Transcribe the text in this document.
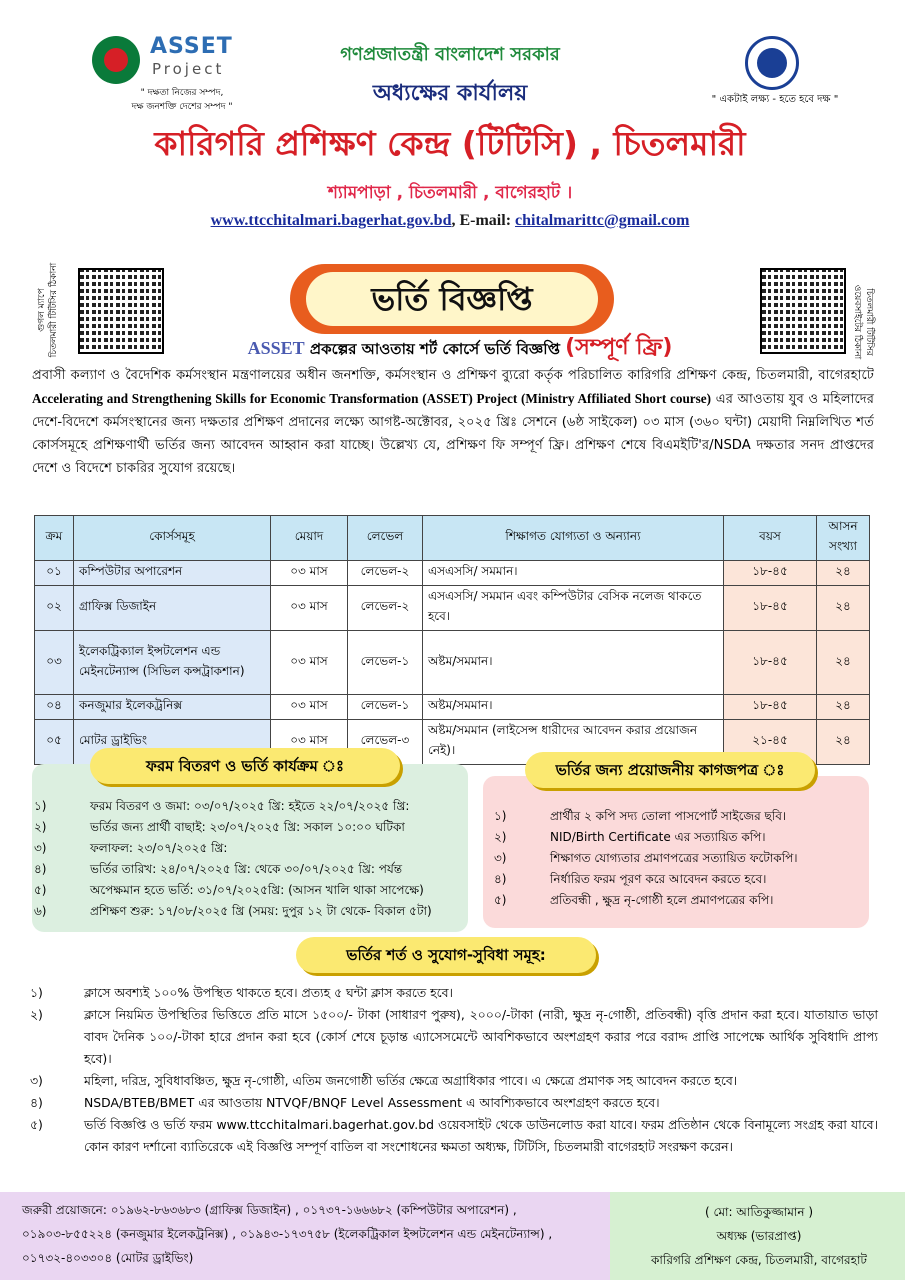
ASSET
Project
" দক্ষতা নিজের সম্পদ,
দক্ষ জনশক্তি দেশের সম্পদ "
" একটাই লক্ষ্য - হতে হবে দক্ষ "
গণপ্রজাতন্ত্রী বাংলাদেশ সরকার
অধ্যক্ষের কার্যালয়
কারিগরি প্রশিক্ষণ কেন্দ্র (টিটিসি) , চিতলমারী
শ্যামপাড়া , চিতলমারী , বাগেরহাট ।
www.ttcchitalmari.bagerhat.gov.bd, E-mail: chitalmarittc@gmail.com
গুগল ম্যাপে চিতলমারী টিটিসির ঠিকানা	চিতলমারী টিটিসির
ওয়েবসাইটের ঠিকানা
ভর্তি বিজ্ঞপ্তি
ASSET প্রকল্পের আওতায় শর্ট কোর্সে ভর্তি বিজ্ঞপ্তি (সম্পূর্ণ ফ্রি)
প্রবাসী কল্যাণ ও বৈদেশিক কর্মসংস্থান মন্ত্রণালয়ের অধীন জনশক্তি, কর্মসংস্থান ও প্রশিক্ষণ ব্যুরো কর্তৃক পরিচালিত কারিগরি প্রশিক্ষণ কেন্দ্র, চিতলমারী, বাগেরহাটে Accelerating and Strengthening Skills for Economic Transformation (ASSET) Project (Ministry Affiliated Short course) এর আওতায় যুব ও মহিলাদের দেশে-বিদেশে কর্মসংস্থানের জন্য দক্ষতার প্রশিক্ষণ প্রদানের লক্ষ্যে আগষ্ট-অক্টোবর, ২০২৫ খ্রিঃ সেশনে (৬ষ্ঠ সাইকেল) ০৩ মাস (৩৬০ ঘন্টা) মেয়াদী নিম্নলিখিত শর্ত কোর্সসমূহে প্রশিক্ষণার্থী ভর্তির জন্য আবেদন আহ্বান করা যাচ্ছে। উল্লেখ্য যে, প্রশিক্ষণ ফি সম্পূর্ণ ফ্রি। প্রশিক্ষণ শেষে বিএমইটি'র/NSDA দক্ষতার সনদ প্রাপ্তদের দেশে ও বিদেশে চাকরির সুযোগ রয়েছে।
ক্রম	কোর্সসমূহ	মেয়াদ	লেভেল	শিক্ষাগত যোগ্যতা ও অন্যান্য	বয়স	আসন সংখ্যা
০১	কম্পিউটার অপারেশন	০৩ মাস	লেভেল-২	এসএসসি/ সমমান।	১৮-৪৫	২৪
০২	গ্রাফিক্স ডিজাইন	০৩ মাস	লেভেল-২	এসএসসি/ সমমান এবং কম্পিউটার বেসিক নলেজ থাকতে হবে।	১৮-৪৫	২৪
০৩	ইলেকট্রিক্যাল ইন্সটলেশন এন্ড মেইনটেন্যান্স (সিভিল কন্সট্রাকশান)	০৩ মাস	লেভেল-১	অষ্টম/সমমান।	১৮-৪৫	২৪
০৪	কনজুমার ইলেকট্রনিক্স	০৩ মাস	লেভেল-১	অষ্টম/সমমান।	১৮-৪৫	২৪
০৫	মোটর ড্রাইভিং	০৩ মাস	লেভেল-৩	অষ্টম/সমমান (লাইসেন্স ধারীদের আবেদন করার প্রয়োজন নেই)।	২১-৪৫	২৪
ফরম বিতরণ ও ভর্তি কার্যক্রম ঃ
১)	ফরম বিতরণ ও জমা: ০৩/০৭/২০২৫ খ্রি: হইতে ২২/০৭/২০২৫ খ্রি:
২)	ভর্তির জন্য প্রার্থী বাছাই: ২৩/০৭/২০২৫ খ্রি: সকাল ১০:০০ ঘটিকা
৩)	ফলাফল: ২৩/০৭/২০২৫ খ্রি:
৪)	ভর্তির তারিখ: ২৪/০৭/২০২৫ খ্রি: থেকে ৩০/০৭/২০২৫ খ্রি: পর্যন্ত
৫)	অপেক্ষমান হতে ভর্তি: ৩১/০৭/২০২৫খ্রি: (আসন খালি থাকা সাপেক্ষে)
৬)	প্রশিক্ষণ শুরু: ১৭/০৮/২০২৫ খ্রি (সময়: দুপুর ১২ টা থেকে- বিকাল ৫টা)
ভর্তির জন্য প্রয়োজনীয় কাগজপত্র ঃ
১)	প্রার্থীর ২ কপি সদ্য তোলা পাসপোর্ট সাইজের ছবি।
২)	NID/Birth Certificate এর সত্যায়িত কপি।
৩)	শিক্ষাগত যোগ্যতার প্রমাণপত্রের সত্যায়িত ফটোকপি।
৪)	নির্ধারিত ফরম পূরণ করে আবেদন করতে হবে।
৫)	প্রতিবন্ধী , ক্ষুদ্র নৃ-গোষ্ঠী হলে প্রমাণপত্রের কপি।
ভর্তির শর্ত ও সুযোগ-সুবিধা সমূহ:
১)	ক্লাসে অবশ্যই ১০০% উপস্থিত থাকতে হবে। প্রত্যহ ৫ ঘন্টা ক্লাস করতে হবে।
২)	ক্লাসে নিয়মিত উপস্থিতির ভিত্তিতে প্রতি মাসে ১৫০০/- টাকা (সাধারণ পুরুষ), ২০০০/-টাকা (নারী, ক্ষুদ্র নৃ-গোষ্ঠী, প্রতিবন্ধী) বৃত্তি প্রদান করা হবে। যাতায়াত ভাড়া বাবদ দৈনিক ১০০/-টাকা হারে প্রদান করা হবে (কোর্স শেষে চূড়ান্ত এ্যাসেসমেন্টে আবশিকভাবে অংশগ্রহণ করার পরে বরাদ্দ প্রাপ্তি সাপেক্ষে আর্থিক সুবিধাদি প্রাপ্য হবে)।
৩)	মহিলা, দরিদ্র, সুবিধাবঞ্চিত, ক্ষুদ্র নৃ-গোষ্ঠী, এতিম জনগোষ্ঠী ভর্তির ক্ষেত্রে অগ্রাধিকার পাবে। এ ক্ষেত্রে প্রমাণক সহ আবেদন করতে হবে।
৪)	NSDA/BTEB/BMET এর আওতায় NTVQF/BNQF Level Assessment এ আবশ্যিকভাবে অংশগ্রহণ করতে হবে।
৫)	ভর্তি বিজ্ঞপ্তি ও ভর্তি ফরম www.ttcchitalmari.bagerhat.gov.bd ওয়েবসাইট থেকে ডাউনলোড করা যাবে। ফরম প্রতিষ্ঠান থেকে বিনামূল্যে সংগ্রহ করা যাবে। কোন কারণ দর্শানো ব্যাতিরেকে এই বিজ্ঞপ্তি সম্পূর্ণ বাতিল বা সংশোধনের ক্ষমতা অধ্যক্ষ, টিটিসি, চিতলমারী বাগেরহাট সংরক্ষণ করেন।
জরুরী প্রয়োজনে: ০১৯৬২-৮৬৩৬৮৩ (গ্রাফিক্স ডিজাইন) , ০১৭৩৭-১৬৬৬৮২ (কম্পিউটার অপারেশন) , ০১৯০৩-৮৫৫২২৪ (কনজুমার ইলেকট্রনিক্স) , ০১৯৪৩-১৭৩৭৫৮ (ইলেকট্রিকাল ইন্সটলেশন এন্ড মেইনটেন্যান্স) , ০১৭৩২-৪০৩৩০৪ (মোটর ড্রাইভিং)
( মো: আতিকুজ্জামান )
অধ্যক্ষ (ভারপ্রাপ্ত)
কারিগরি প্রশিক্ষণ কেন্দ্র, চিতলমারী, বাগেরহাট
